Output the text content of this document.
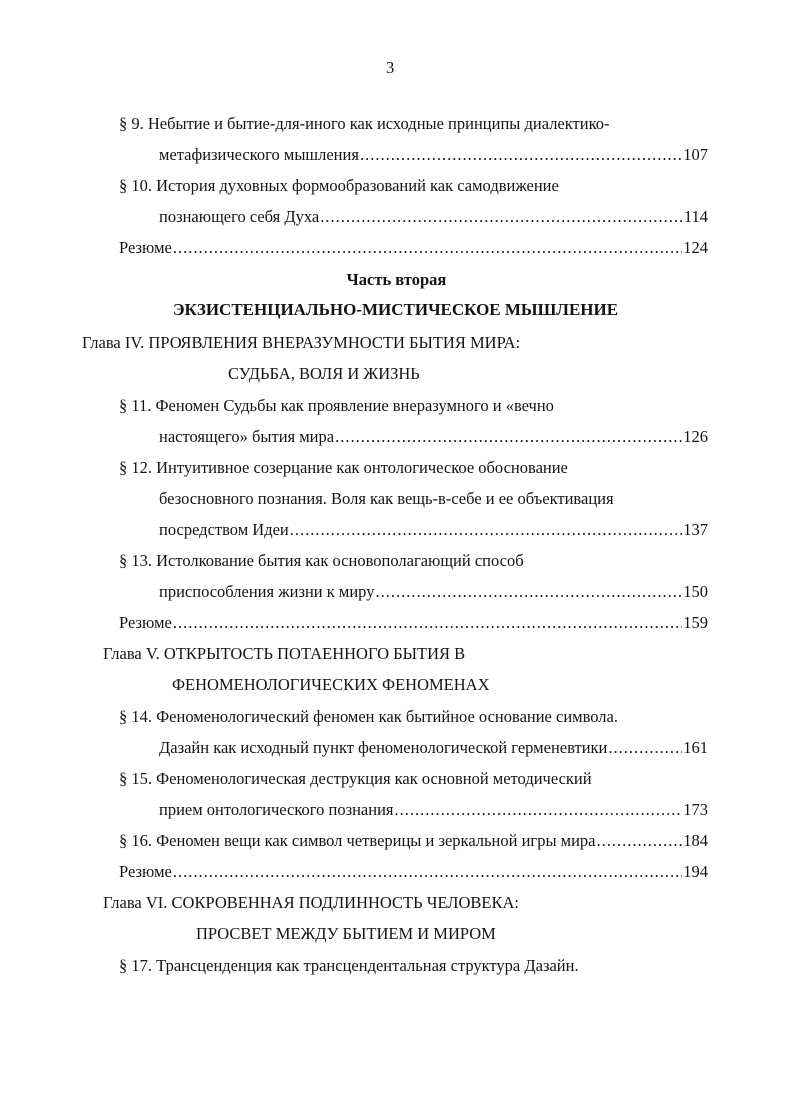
3
§ 9. Небытие и бытие-для-иного как исходные принципы диалектико-
метафизического мышления .....	107
§ 10. История духовных формообразований как самодвижение
познающего себя Духа .....	114
Резюме .....	124
Часть вторая
ЭКЗИСТЕНЦИАЛЬНО-МИСТИЧЕСКОЕ МЫШЛЕНИЕ
Глава IV. ПРОЯВЛЕНИЯ ВНЕРАЗУМНОСТИ БЫТИЯ МИРА:
СУДЬБА, ВОЛЯ И ЖИЗНЬ
§ 11. Феномен Судьбы как проявление внеразумного и «вечно
настоящего» бытия мира .....	126
§ 12. Интуитивное созерцание как онтологическое обоснование
безосновного познания. Воля как вещь-в-себе и ее объективация
посредством Идеи .....	137
§ 13. Истолкование бытия как основополагающий способ
приспособления жизни к миру .....	150
Резюме .....	159
Глава V. ОТКРЫТОСТЬ ПОТАЕННОГО БЫТИЯ В
ФЕНОМЕНОЛОГИЧЕСКИХ ФЕНОМЕНАХ
§ 14. Феноменологический феномен как бытийное основание символа.
Дазайн как исходный пункт феноменологической герменевтики .....	161
§ 15. Феноменологическая деструкция как основной методический
прием онтологического познания .....	173
§ 16. Феномен вещи как символ четверицы и зеркальной игры мира .....	184
Резюме .....	194
Глава VI. СОКРОВЕННАЯ ПОДЛИННОСТЬ ЧЕЛОВЕКА:
ПРОСВЕТ МЕЖДУ БЫТИЕМ И МИРОМ
§ 17. Трансценденция как трансцендентальная структура Дазайн.
